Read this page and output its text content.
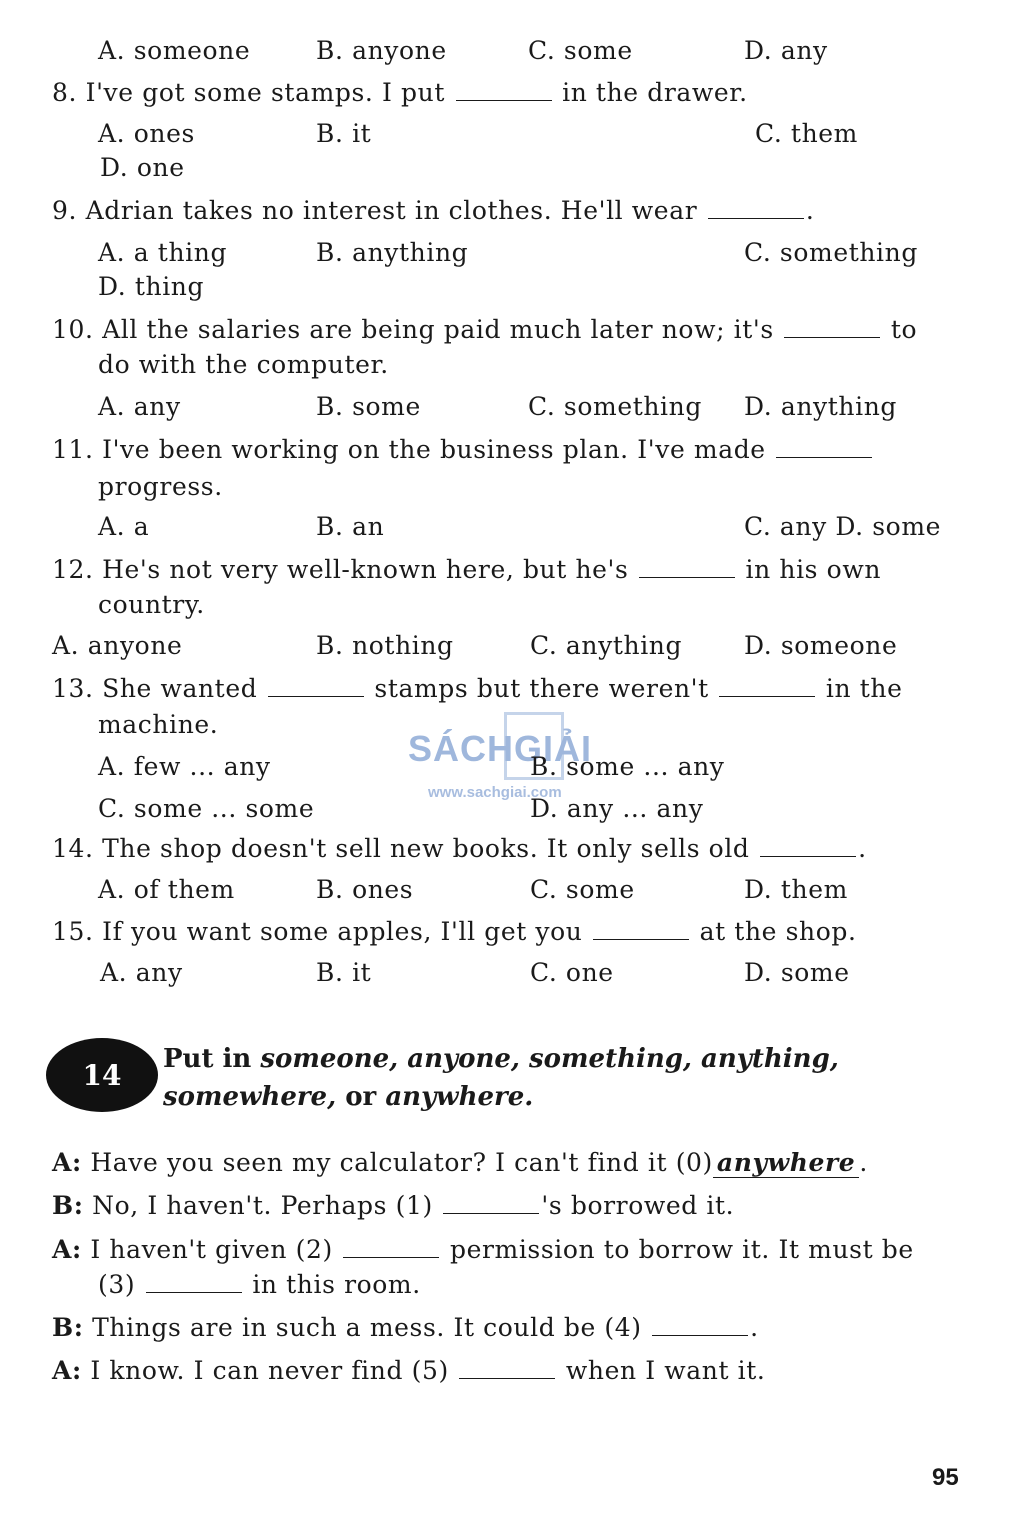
A. someone	B. anyone	C. some	D. any
8. I've got some stamps. I put	in the drawer.
A. ones	B. it	C. them
D. one
9. Adrian takes no interest in clothes. He'll wear	.
A. a thing	B. anything	C. something
D. thing
10. All the salaries are being paid much later now; it's	to
do with the computer.
A. any	B. some	C. something D. anything
11. I've been working on the business plan. I've made
progress.
A. a	B. an	C. any D. some
12. He's not very well-known here, but he's	in his own
country.
A. anyone	B. nothing	C. anything D. someone
13. She wanted	stamps but there weren't	in the
machine.
SÁCHGIẢI
www.sachgiai.com
A. few ... any	B. some ... any
C. some ... some	D. any ... any
14. The shop doesn't sell new books. It only sells old	.
A. of them	B. ones	C. some	D. them
15. If you want some apples, I'll get you	at the shop.
A. any	B. it	C. one	D. some
14 Put in someone, anyone, something, anything,
somewhere, or anywhere.
A: Have you seen my calculator? I can't find it (0) anywhere .
B: No, I haven't. Perhaps (1)	's borrowed it.
A: I haven't given (2)	permission to borrow it. It must be
(3)	in this room.
B: Things are in such a mess. It could be (4)	.
A: I know. I can never find (5)	when I want it.
95
